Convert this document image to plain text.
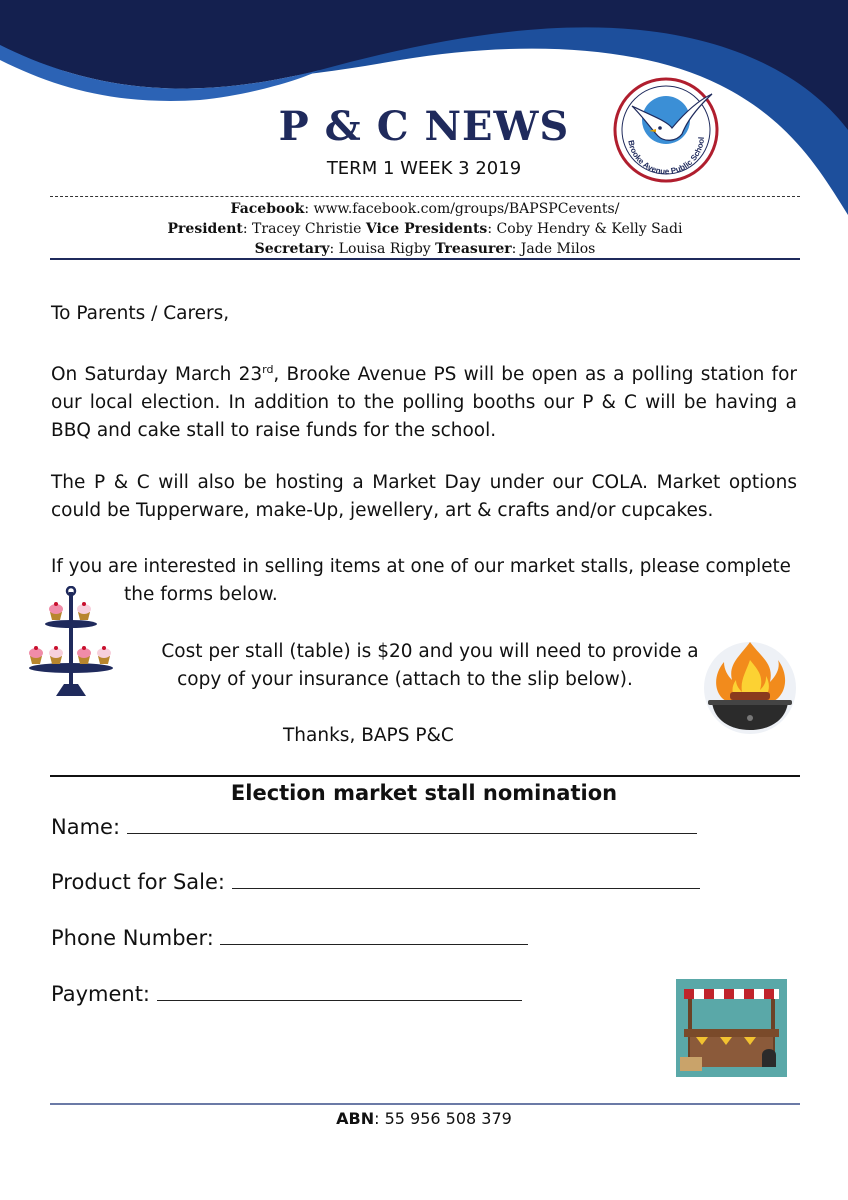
Brooke Avenue Public School
P & C NEWS
TERM 1 WEEK 3 2019
Facebook: www.facebook.com/groups/BAPSPCevents/
President: Tracey Christie Vice Presidents: Coby Hendry & Kelly Sadi
Secretary: Louisa Rigby Treasurer: Jade Milos
To Parents / Carers,
On Saturday March 23rd, Brooke Avenue PS will be open as a polling station for our local election. In addition to the polling booths our P & C will be having a BBQ and cake stall to raise funds for the school.
The P & C will also be hosting a Market Day under our COLA. Market options could be Tupperware, make-Up, jewellery, art & crafts and/or cupcakes.
If you are interested in selling items at one of our market stalls, please complete
the forms below.
Cost per stall (table) is $20 and you will need to provide a
copy of your insurance (attach to the slip below).
Thanks, BAPS P&C
Election market stall nomination
Name:
Product for Sale:
Phone Number:
Payment:
ABN: 55 956 508 379
